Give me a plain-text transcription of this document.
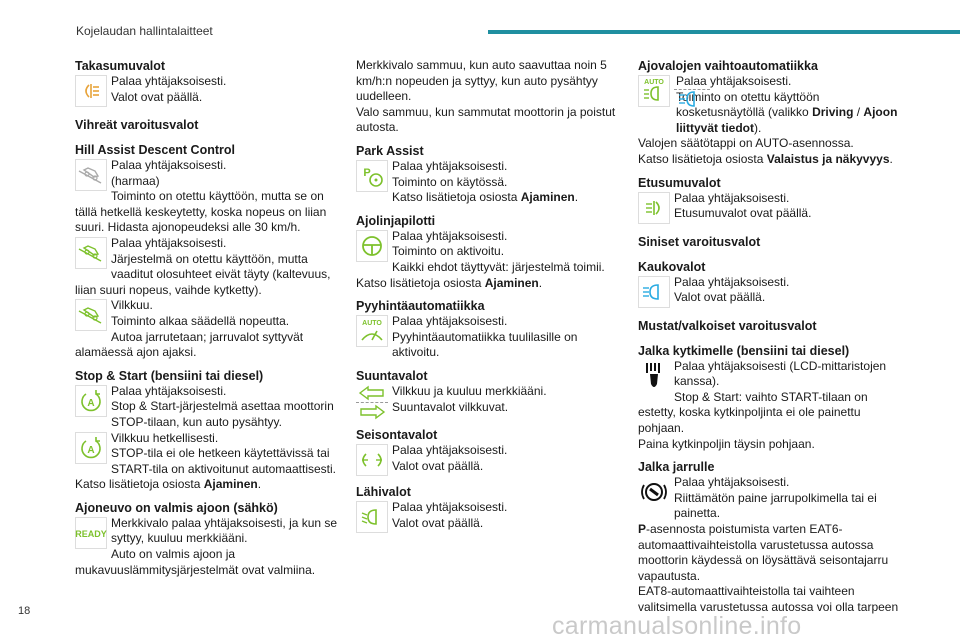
Kojelaudan hallintalaitteet
Takasumuvalot

Palaa yhtäjaksoisesti.

Valot ovat päällä.

Vihreät varoitusvalot
Hill Assist Descent Control

Palaa yhtäjaksoisesti.

(harmaa)

Toiminto on otettu käyttöön, mutta se on tällä hetkellä keskeytetty, koska nopeus on liian suuri. Hidasta ajonopeudeksi alle 30 km/h.

Palaa yhtäjaksoisesti.

Järjestelmä on otettu käyttöön, mutta vaaditut olosuhteet eivät täyty (kaltevuus, liian suuri nopeus, vaihde kytketty).

Vilkkuu.

Toiminto alkaa säädellä nopeutta.

Autoa jarrutetaan; jarruvalot syttyvät alamäessä ajon ajaksi.

Stop & Start (bensiini tai diesel)
A

Palaa yhtäjaksoisesti.

Stop & Start-järjestelmä asettaa moottorin STOP-tilaan, kun auto pysähtyy.

A

Vilkkuu hetkellisesti.

STOP-tila ei ole hetkeen käytettävissä tai START-tila on aktivoitunut automaattisesti.

Katso lisätietoja osiosta Ajaminen.

Ajoneuvo on valmis ajoon (sähkö)
READY

Merkkivalo palaa yhtäjaksoisesti, ja kun se syttyy, kuuluu merkkiääni.

Auto on valmis ajoon ja mukavuuslämmitysjärjestelmät ovat valmiina.

Merkkivalo sammuu, kun auto saavuttaa noin 5 km/h:n nopeuden ja syttyy, kun auto pysähtyy uudelleen.

Valo sammuu, kun sammutat moottorin ja poistut autosta.

Park Assist
P	Palaa yhtäjaksoisesti.

Toiminto on käytössä.

Katso lisätietoja osiosta Ajaminen.

Ajolinjapilotti

Palaa yhtäjaksoisesti.

Toiminto on aktivoitu.

Kaikki ehdot täyttyvät: järjestelmä toimii.

Katso lisätietoja osiosta Ajaminen.

Pyyhintäautomatiikka
AUTO Palaa yhtäjaksoisesti.

Pyyhintäautomatiikka tuulilasille on aktivoitu.

Suuntavalot

Vilkkuu ja kuuluu merkkiääni.

Suuntavalot vilkkuvat.

Seisontavalot

Palaa yhtäjaksoisesti.

Valot ovat päällä.

Lähivalot

Palaa yhtäjaksoisesti.

Valot ovat päällä.

Ajovalojen vaihtoautomatiikka
AUTO	Palaa yhtäjaksoisesti.

Toiminto on otettu käyttöön kosketusnäytöllä (valikko Driving / Ajoon liittyvät tiedot).

Valojen säätötappi on AUTO-asennossa.

Katso lisätietoja osiosta Valaistus ja näkyvyys.

Etusumuvalot

Palaa yhtäjaksoisesti.

Etusumuvalot ovat päällä.

Siniset varoitusvalot
Kaukovalot

Palaa yhtäjaksoisesti.

Valot ovat päällä.

Mustat/valkoiset varoitusvalot
Jalka kytkimelle (bensiini tai diesel)

Palaa yhtäjaksoisesti (LCD-mittaristojen kanssa).

Stop & Start: vaihto START-tilaan on estetty, koska kytkinpoljinta ei ole painettu pohjaan.

Paina kytkinpoljin täysin pohjaan.

Jalka jarrulle

Palaa yhtäjaksoisesti.

Riittämätön paine jarrupolkimella tai ei painetta.

P-asennosta poistumista varten EAT6-automaattivaihteistolla varustetussa autossa moottorin käydessä on löysättävä seisontajarru vapautusta.

EAT8-automaattivaihteistolla tai vaihteen valitsimella varustetussa autossa voi olla tarpeen

18
carmanualsonline.info
